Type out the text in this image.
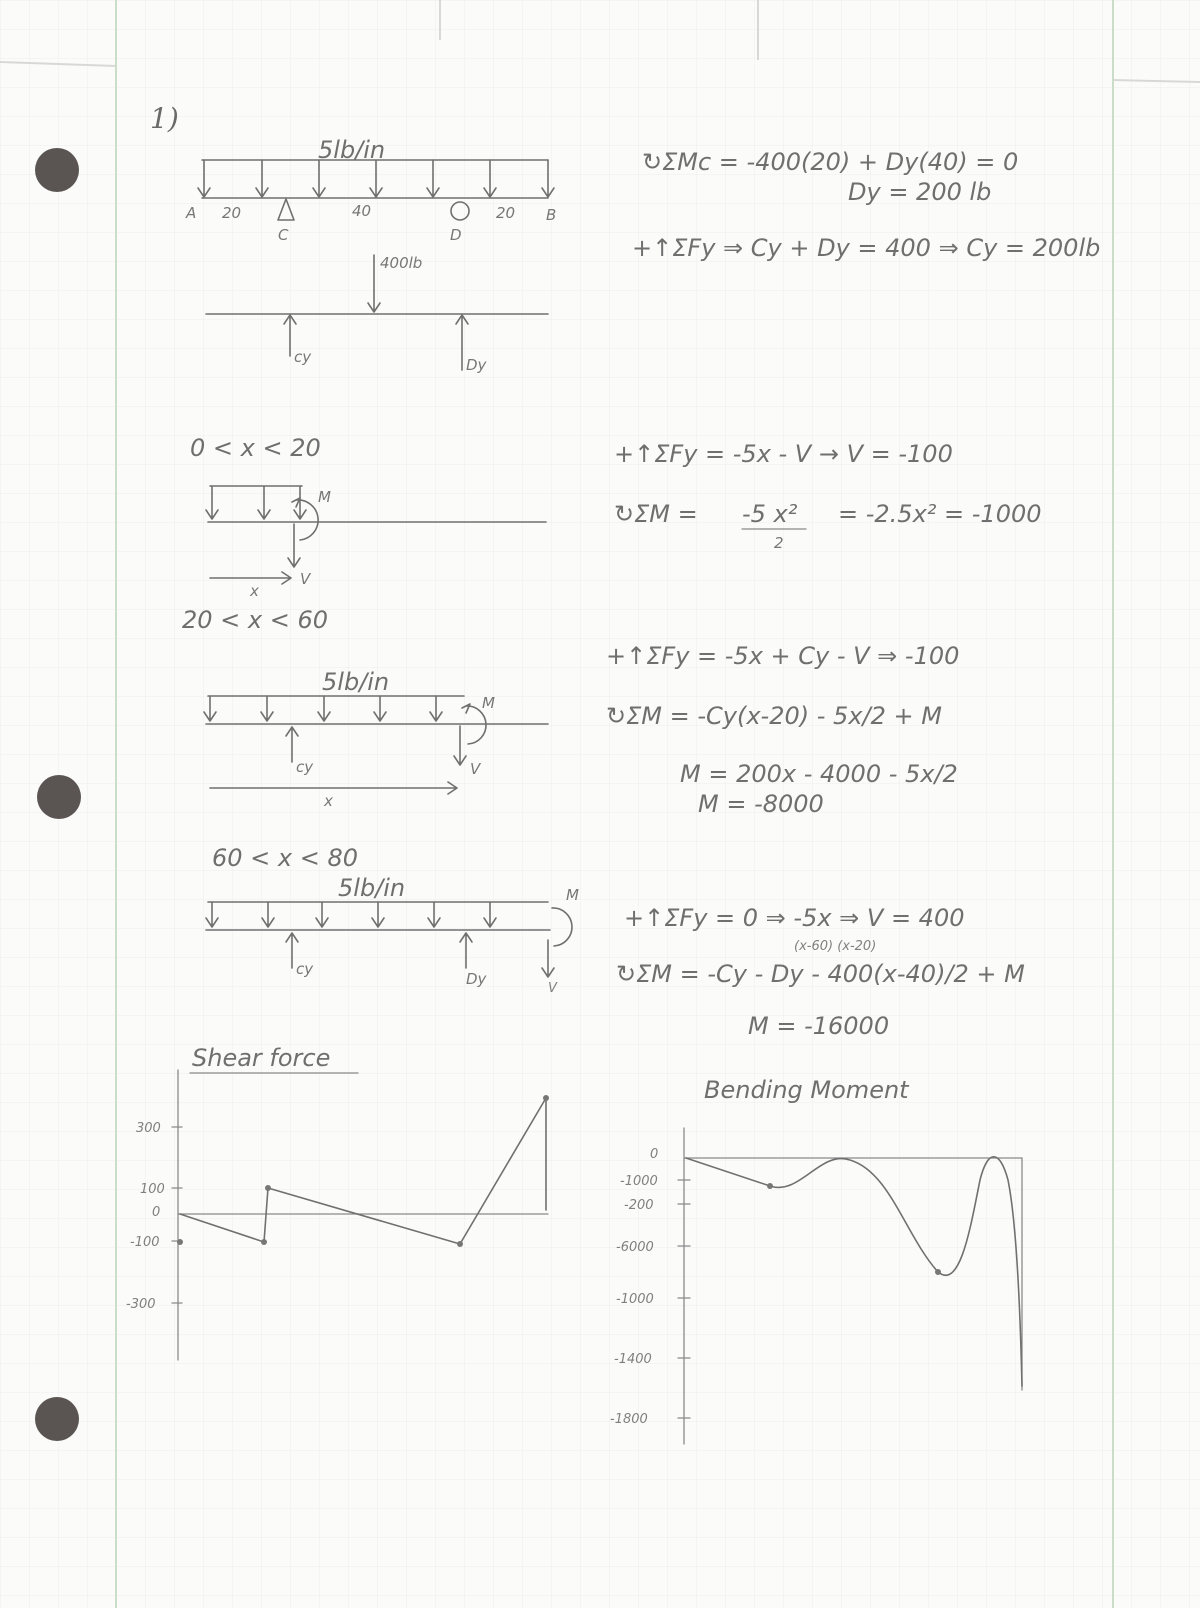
1)
5lb/in
A 20
C
40
D
20 B
400lb
cy	Dy
↻ΣMc = -400(20) + Dy(40) = 0
Dy = 200 lb
+↑ΣFy ⇒ Cy + Dy = 400 ⇒ Cy = 200lb
0 < x < 20
M
V
x
+↑ΣFy = -5x - V → V = -100
↻ΣM = -5 x²
2
= -2.5x² = -1000
20 < x < 60
5lb/in
cy
M
V
x
+↑ΣFy = -5x + Cy - V ⇒ -100
↻ΣM = -Cy(x-20) - 5x/2 + M
M = 200x - 4000 - 5x/2
M = -8000
60 < x < 80
5lb/in
cy
Dy
M
V
+↑ΣFy = 0 ⇒ -5x ⇒ V = 400
(x-60) (x-20)
↻ΣM = -Cy - Dy - 400(x-40)/2 + M
M = -16000
Shear force
300
100
0
-100
-300
Bending Moment
0
-1000
-200
-6000
-1000
-1400
-1800
